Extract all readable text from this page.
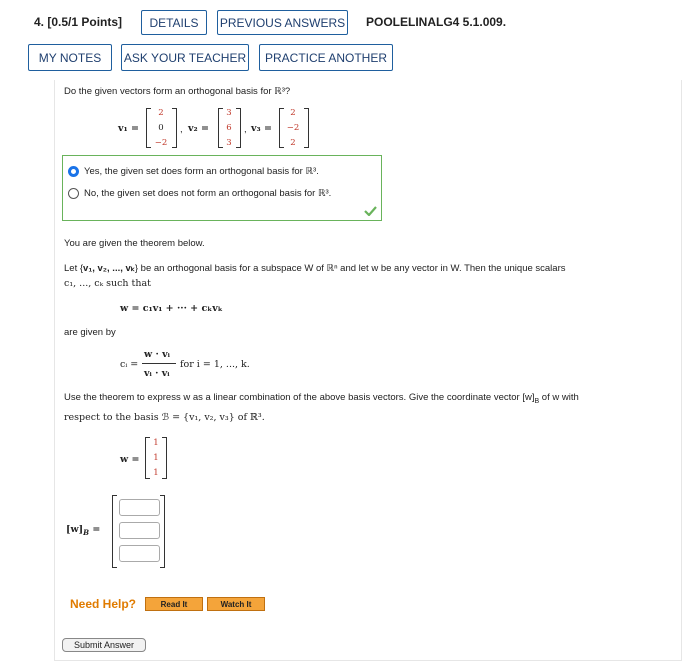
4. [0.5/1 Points]	DETAILS	PREVIOUS ANSWERS POOLELINALG4 5.1.009.
MY NOTES	ASK YOUR TEACHER	PRACTICE ANOTHER
Do the given vectors form an orthogonal basis for ℝ³?
v₁ =
2
0
−2
, v₂ =
3
6
3
, v₃ =
2
−2
2
Yes, the given set does form an orthogonal basis for ℝ³.
No, the given set does not form an orthogonal basis for ℝ³.
You are given the theorem below.
Let {v₁, v₂, ..., vₖ} be an orthogonal basis for a subspace W of ℝⁿ and let w be any vector in W. Then the unique scalars
c₁, ..., cₖ such that
w = c₁v₁ + ··· + cₖvₖ
are given by
cᵢ =
w · vᵢ
vᵢ · vᵢ
for i = 1, ..., k.
Use the theorem to express w as a linear combination of the above basis vectors. Give the coordinate vector $[w]_B$ of w with
respect to the basis ℬ = {v₁, v₂, v₃} of ℝ³.
w =
1
1
1
$[w]_B$ =
Need Help?	Read It	Watch It
Submit Answer
